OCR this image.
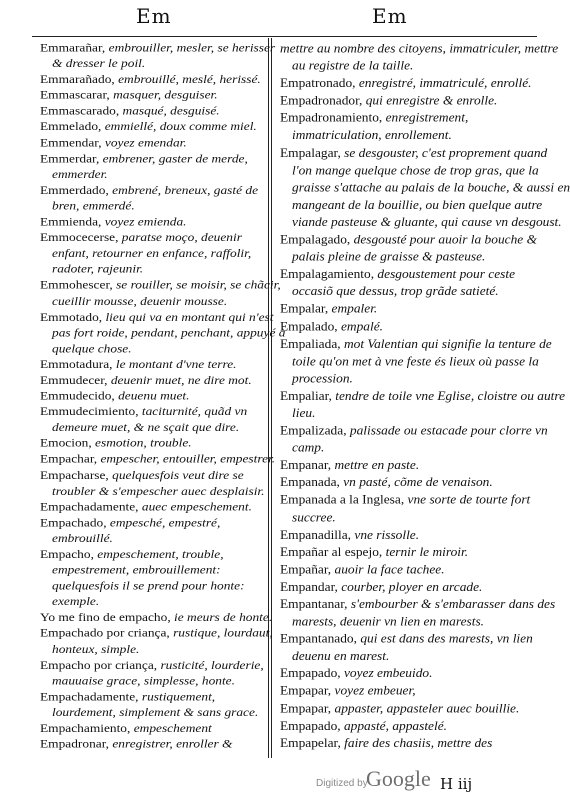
Em	Em
Emmarañar, embrouiller, mesler, se herisser
& dresser le poil.
Emmarañado, embrouillé, meslé, herissé.
Emmascarar, masquer, desguiser.
Emmascarado, masqué, desguisé.
Emmelado, emmiellé, doux comme miel.
Emmendar, voyez emendar.
Emmerdar, embrener, gaster de merde,
emmerder.
Emmerdado, embrené, breneux, gasté de
bren, emmerdé.
Emmienda, voyez emienda.
Emmocecerse, paratse moço, deuenir
enfant, retourner en enfance, raffolir,
radoter, rajeunir.
Emmohescer, se rouiller, se moisir, se chãcir,
cueillir mousse, deuenir mousse.
Emmotado, lieu qui va en montant qui n'est
pas fort roide, pendant, penchant, appuyé à
quelque chose.
Emmotadura, le montant d'vne terre.
Emmudecer, deuenir muet, ne dire mot.
Emmudecido, deuenu muet.
Emmudecimiento, taciturnité, quãd vn
demeure muet, & ne sçait que dire.
Emocion, esmotion, trouble.
Empachar, empescher, entouiller, empestrer.
Empacharse, quelquesfois veut dire se
troubler & s'empescher auec desplaisir.
Empachadamente, auec empeschement.
Empachado, empesché, empestré,
embrouillé.
Empacho, empeschement, trouble,
empestrement, embrouillement:
quelquesfois il se prend pour honte:
exemple.
Yo me fino de empacho, ie meurs de honte.
Empachado por criança, rustique, lourdaut,
honteux, simple.
Empacho por criança, rusticité, lourderie,
mauuaise grace, simplesse, honte.
Empachadamente, rustiquement,
lourdement, simplement & sans grace.
Empachamiento, empeschement
Empadronar, enregistrer, enroller &
mettre au nombre des citoyens, immatriculer, mettre
au registre de la taille.
Empatronado, enregistré, immatriculé, enrollé.
Empadronador, qui enregistre & enrolle.
Empadronamiento, enregistrement,
immatriculation, enrollement.
Empalagar, se desgouster, c'est proprement quand
l'on mange quelque chose de trop gras, que la
graisse s'attache au palais de la bouche, & aussi en
mangeant de la bouillie, ou bien quelque autre
viande pasteuse & gluante, qui cause vn desgoust.
Empalagado, desgousté pour auoir la bouche &
palais pleine de graisse & pasteuse.
Empalagamiento, desgoustement pour ceste
occasiõ que dessus, trop grãde satieté.
Empalar, empaler.
Empalado, empalé.
Empaliada, mot Valentian qui signifie la tenture de
toile qu'on met à vne feste és lieux où passe la
procession.
Empaliar, tendre de toile vne Eglise, cloistre ou autre
lieu.
Empalizada, palissade ou estacade pour clorre vn
camp.
Empanar, mettre en paste.
Empanada, vn pasté, cõme de venaison.
Empanada a la Inglesa, vne sorte de tourte fort
succree.
Empanadilla, vne rissolle.
Empañar al espejo, ternir le miroir.
Empañar, auoir la face tachee.
Empandar, courber, ployer en arcade.
Empantanar, s'embourber & s'embarasser dans des
marests, deuenir vn lien en marests.
Empantanado, qui est dans des marests, vn lien
deuenu en marest.
Empapado, voyez embeuido.
Empapar, voyez embeuer,
Empapar, appaster, appasteler auec bouillie.
Empapado, appasté, appastelé.
Empapelar, faire des chasiis, mettre des
Digitized by
Google H iij
